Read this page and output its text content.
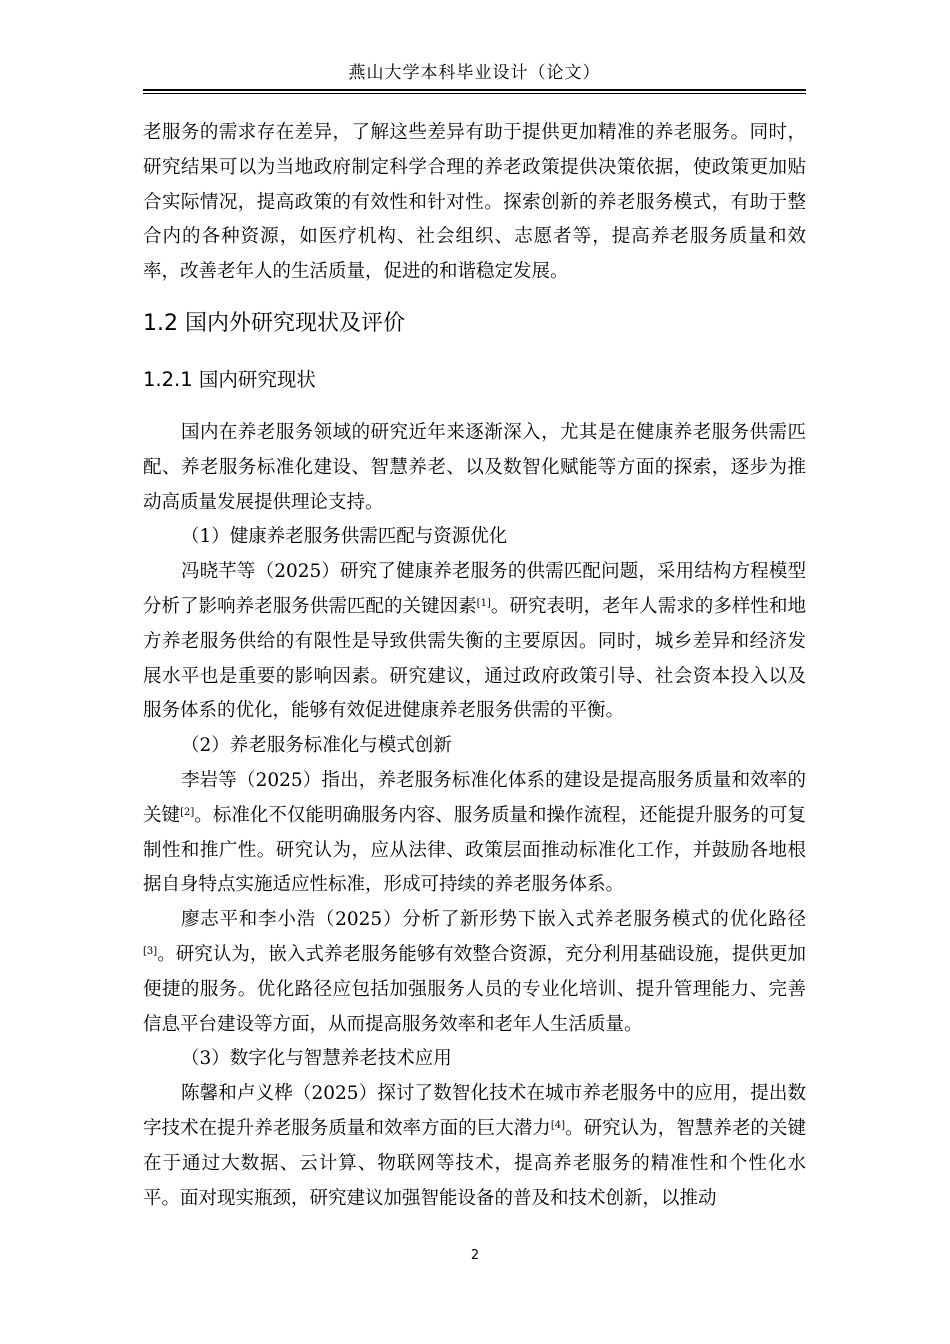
燕山大学本科毕业设计（论文）

老服务的需求存在差异，了解这些差异有助于提供更加精准的养老服务。同时，研究结果可以为当地政府制定科学合理的养老政策提供决策依据，使政策更加贴合实际情况，提高政策的有效性和针对性。探索创新的养老服务模式，有助于整合内的各种资源，如医疗机构、社会组织、志愿者等，提高养老服务质量和效率，改善老年人的生活质量，促进的和谐稳定发展。

1.2 国内外研究现状及评价
1.2.1 国内研究现状

国内在养老服务领域的研究近年来逐渐深入，尤其是在健康养老服务供需匹配、养老服务标准化建设、智慧养老、以及数智化赋能等方面的探索，逐步为推动高质量发展提供理论支持。

（1）健康养老服务供需匹配与资源优化

冯晓芊等（2025）研究了健康养老服务的供需匹配问题，采用结构方程模型分析了影响养老服务供需匹配的关键因素[1]。研究表明，老年人需求的多样性和地方养老服务供给的有限性是导致供需失衡的主要原因。同时，城乡差异和经济发展水平也是重要的影响因素。研究建议，通过政府政策引导、社会资本投入以及服务体系的优化，能够有效促进健康养老服务供需的平衡。

（2）养老服务标准化与模式创新

李岩等（2025）指出，养老服务标准化体系的建设是提高服务质量和效率的关键[2]。标准化不仅能明确服务内容、服务质量和操作流程，还能提升服务的可复制性和推广性。研究认为，应从法律、政策层面推动标准化工作，并鼓励各地根据自身特点实施适应性标准，形成可持续的养老服务体系。

廖志平和李小浩（2025）分析了新形势下嵌入式养老服务模式的优化路径[3]。研究认为，嵌入式养老服务能够有效整合资源，充分利用基础设施，提供更加便捷的服务。优化路径应包括加强服务人员的专业化培训、提升管理能力、完善信息平台建设等方面，从而提高服务效率和老年人生活质量。

（3）数字化与智慧养老技术应用

陈馨和卢义桦（2025）探讨了数智化技术在城市养老服务中的应用，提出数字技术在提升养老服务质量和效率方面的巨大潜力[4]。研究认为，智慧养老的关键在于通过大数据、云计算、物联网等技术，提高养老服务的精准性和个性化水平。面对现实瓶颈，研究建议加强智能设备的普及和技术创新，以推动

2
